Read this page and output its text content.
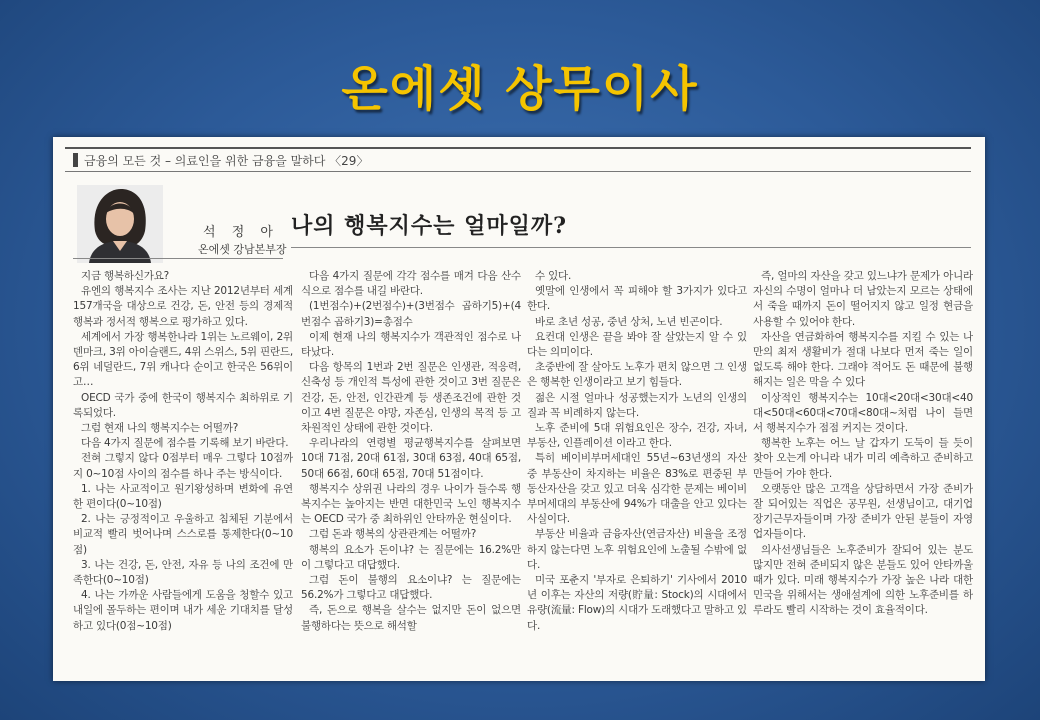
온에셋 상무이사
금융의 모든 것 – 의료인을 위한 금융을 말하다 〈29〉
석 정 아
온에셋 강남본부장
나의 행복지수는 얼마일까?

지금 행복하신가요?

유엔의 행복지수 조사는 지난 2012년부터 세계 157개국을 대상으로 건강, 돈, 안전 등의 경제적행복과 정서적 행복으로 평가하고 있다.

세계에서 가장 행복한나라 1위는 노르웨이, 2위 덴마크, 3위 아이슬랜드, 4위 스위스, 5위 핀란드, 6위 네덜란드, 7위 캐나다 순이고 한국은 56위이고…

OECD 국가 중에 한국이 행복지수 최하위로 기록되었다.

그럼 현재 나의 행복지수는 어떨까?

다음 4가지 질문에 점수를 기록해 보기 바란다.

전혀 그렇지 않다 0점부터 매우 그렇다 10점까지 0~10점 사이의 점수를 하나 주는 방식이다.

1. 나는 사교적이고 원기왕성하며 변화에 유연한 편이다(0~10점)

2. 나는 긍정적이고 우울하고 침체된 기분에서 비교적 빨리 벗어나며 스스로를 통제한다(0~10점)

3. 나는 건강, 돈, 안전, 자유 등 나의 조건에 만족한다(0~10점)

4. 나는 가까운 사람들에게 도움을 청할수 있고 내일에 몰두하는 편이며 내가 세운 기대치를 달성하고 있다(0점~10점)

다음 4가지 질문에 각각 점수를 매겨 다음 산수식으로 점수를 내길 바란다.

(1번점수)+(2번점수)+(3번점수 곱하기5)+(4번점수 곱하기3)=총점수

이제 현재 나의 행복지수가 객관적인 점수로 나타났다.

다음 항목의 1번과 2번 질문은 인생관, 적응력, 신축성 등 개인적 특성에 관한 것이고 3번 질문은 건강, 돈, 안전, 인간관계 등 생존조건에 관한 것이고 4번 질문은 야망, 자존심, 인생의 목적 등 고차원적인 상태에 관한 것이다.

우리나라의 연령별 평균행복지수를 살펴보면 10대 71점, 20대 61점, 30대 63점, 40대 65점, 50대 66점, 60대 65점, 70대 51점이다.

행복지수 상위권 나라의 경우 나이가 들수록 행복지수는 높아지는 반면 대한민국 노인 행복지수는 OECD 국가 중 최하위인 안타까운 현실이다.

그럼 돈과 행복의 상관관계는 어떨까?

행복의 요소가 돈이냐? 는 질문에는 16.2%만이 그렇다고 대답했다.

그럼 돈이 불행의 요소이냐? 는 질문에는 56.2%가 그렇다고 대답했다.

즉, 돈으로 행복을 살수는 없지만 돈이 없으면 불행하다는 뜻으로 해석할

수 있다.

옛말에 인생에서 꼭 피해야 할 3가지가 있다고 한다.

바로 초년 성공, 중년 상처, 노년 빈곤이다.

요컨대 인생은 끝을 봐야 잘 살았는지 알 수 있다는 의미이다.

초중반에 잘 살아도 노후가 편치 않으면 그 인생은 행복한 인생이라고 보기 힘들다.

젊은 시절 얼마나 성공했는지가 노년의 인생의 질과 꼭 비례하지 않는다.

노후 준비에 5대 위험요인은 장수, 건강, 자녀, 부동산, 인플레이션 이라고 한다.

특히 베이비부머세대인 55년~63년생의 자산 중 부동산이 차지하는 비율은 83%로 편중된 부동산자산을 갖고 있고 더욱 심각한 문제는 베이비부머세대의 부동산에 94%가 대출을 안고 있다는 사실이다.

부동산 비율과 금융자산(연금자산) 비율을 조정하지 않는다면 노후 위험요인에 노출될 수밖에 없다.

미국 포춘지 '부자로 은퇴하기' 기사에서 2010년 이후는 자산의 저량(貯量: Stock)의 시대에서 유량(流量: Flow)의 시대가 도래했다고 말하고 있다.

즉, 얼마의 자산을 갖고 있느냐가 문제가 아니라 자신의 수명이 얼마나 더 남았는지 모르는 상태에서 죽을 때까지 돈이 떨어지지 않고 일정 현금을 사용할 수 있어야 한다.

자산을 연금화하여 행복지수를 지킬 수 있는 나만의 최저 생활비가 절대 나보다 먼저 죽는 일이 없도록 해야 한다. 그래야 적어도 돈 때문에 불행해지는 일은 막을 수 있다

이상적인 행복지수는 10대<20대<30대<40대<50대<60대<70대<80대~처럼 나이 들면서 행복지수가 점점 커지는 것이다.

행복한 노후는 어느 날 갑자기 도둑이 들 듯이 찾아 오는게 아니라 내가 미리 예측하고 준비하고 만들어 가야 한다.

오랫동안 많은 고객을 상담하면서 가장 준비가 잘 되어있는 직업은 공무원, 선생님이고, 대기업 장기근무자들이며 가장 준비가 안된 분들이 자영업자들이다.

의사선생님들은 노후준비가 잘되어 있는 분도 많지만 전혀 준비되지 않은 분들도 있어 안타까울 때가 있다. 미래 행복지수가 가장 높은 나라 대한민국을 위해서는 생애설계에 의한 노후준비를 하루라도 빨리 시작하는 것이 효율적이다.
